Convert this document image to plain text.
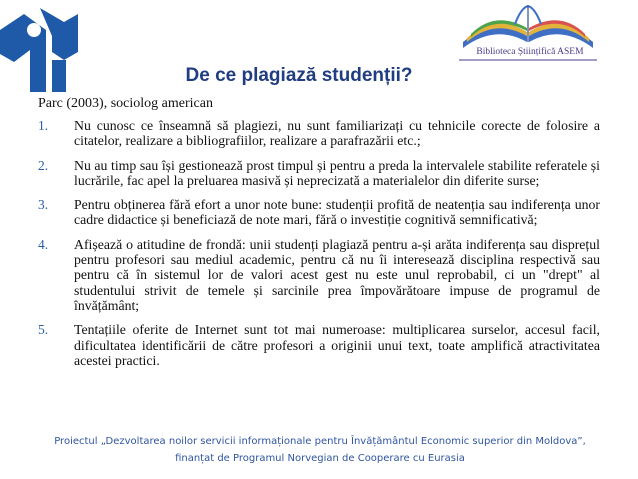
Biblioteca Științifică ASEM
De ce plagiază studenții?
Parc (2003), sociolog american
1. Nu cunosc ce înseamnă să plagiezi, nu sunt familiarizați cu tehnicile corecte de folosire a citatelor, realizare a bibliografiilor, realizare a parafrazării etc.;
2. Nu au timp sau își gestionează prost timpul și pentru a preda la intervalele stabilite referatele și lucrările, fac apel la preluarea masivă și neprecizată a materialelor din diferite surse;
3. Pentru obținerea fără efort a unor note bune: studenții profită de neatenția sau indiferența unor cadre didactice și beneficiază de note mari, fără o investiție cognitivă semnificativă;
4. Afișează o atitudine de frondă: unii studenți plagiază pentru a-și arăta indiferența sau disprețul pentru profesori sau mediul academic, pentru că nu îi interesează disciplina respectivă sau pentru că în sistemul lor de valori acest gest nu este unul reprobabil, ci un "drept" al studentului strivit de temele și sarcinile prea împovărătoare impuse de programul de învățământ;
5. Tentațiile oferite de Internet sunt tot mai numeroase: multiplicarea surselor, accesul facil, dificultatea identificării de către profesori a originii unui text, toate amplifică atractivitatea acestei practici.
Proiectul „Dezvoltarea noilor servicii informaționale pentru Învățământul Economic superior din Moldova”,
finanțat de Programul Norvegian de Cooperare cu Eurasia
